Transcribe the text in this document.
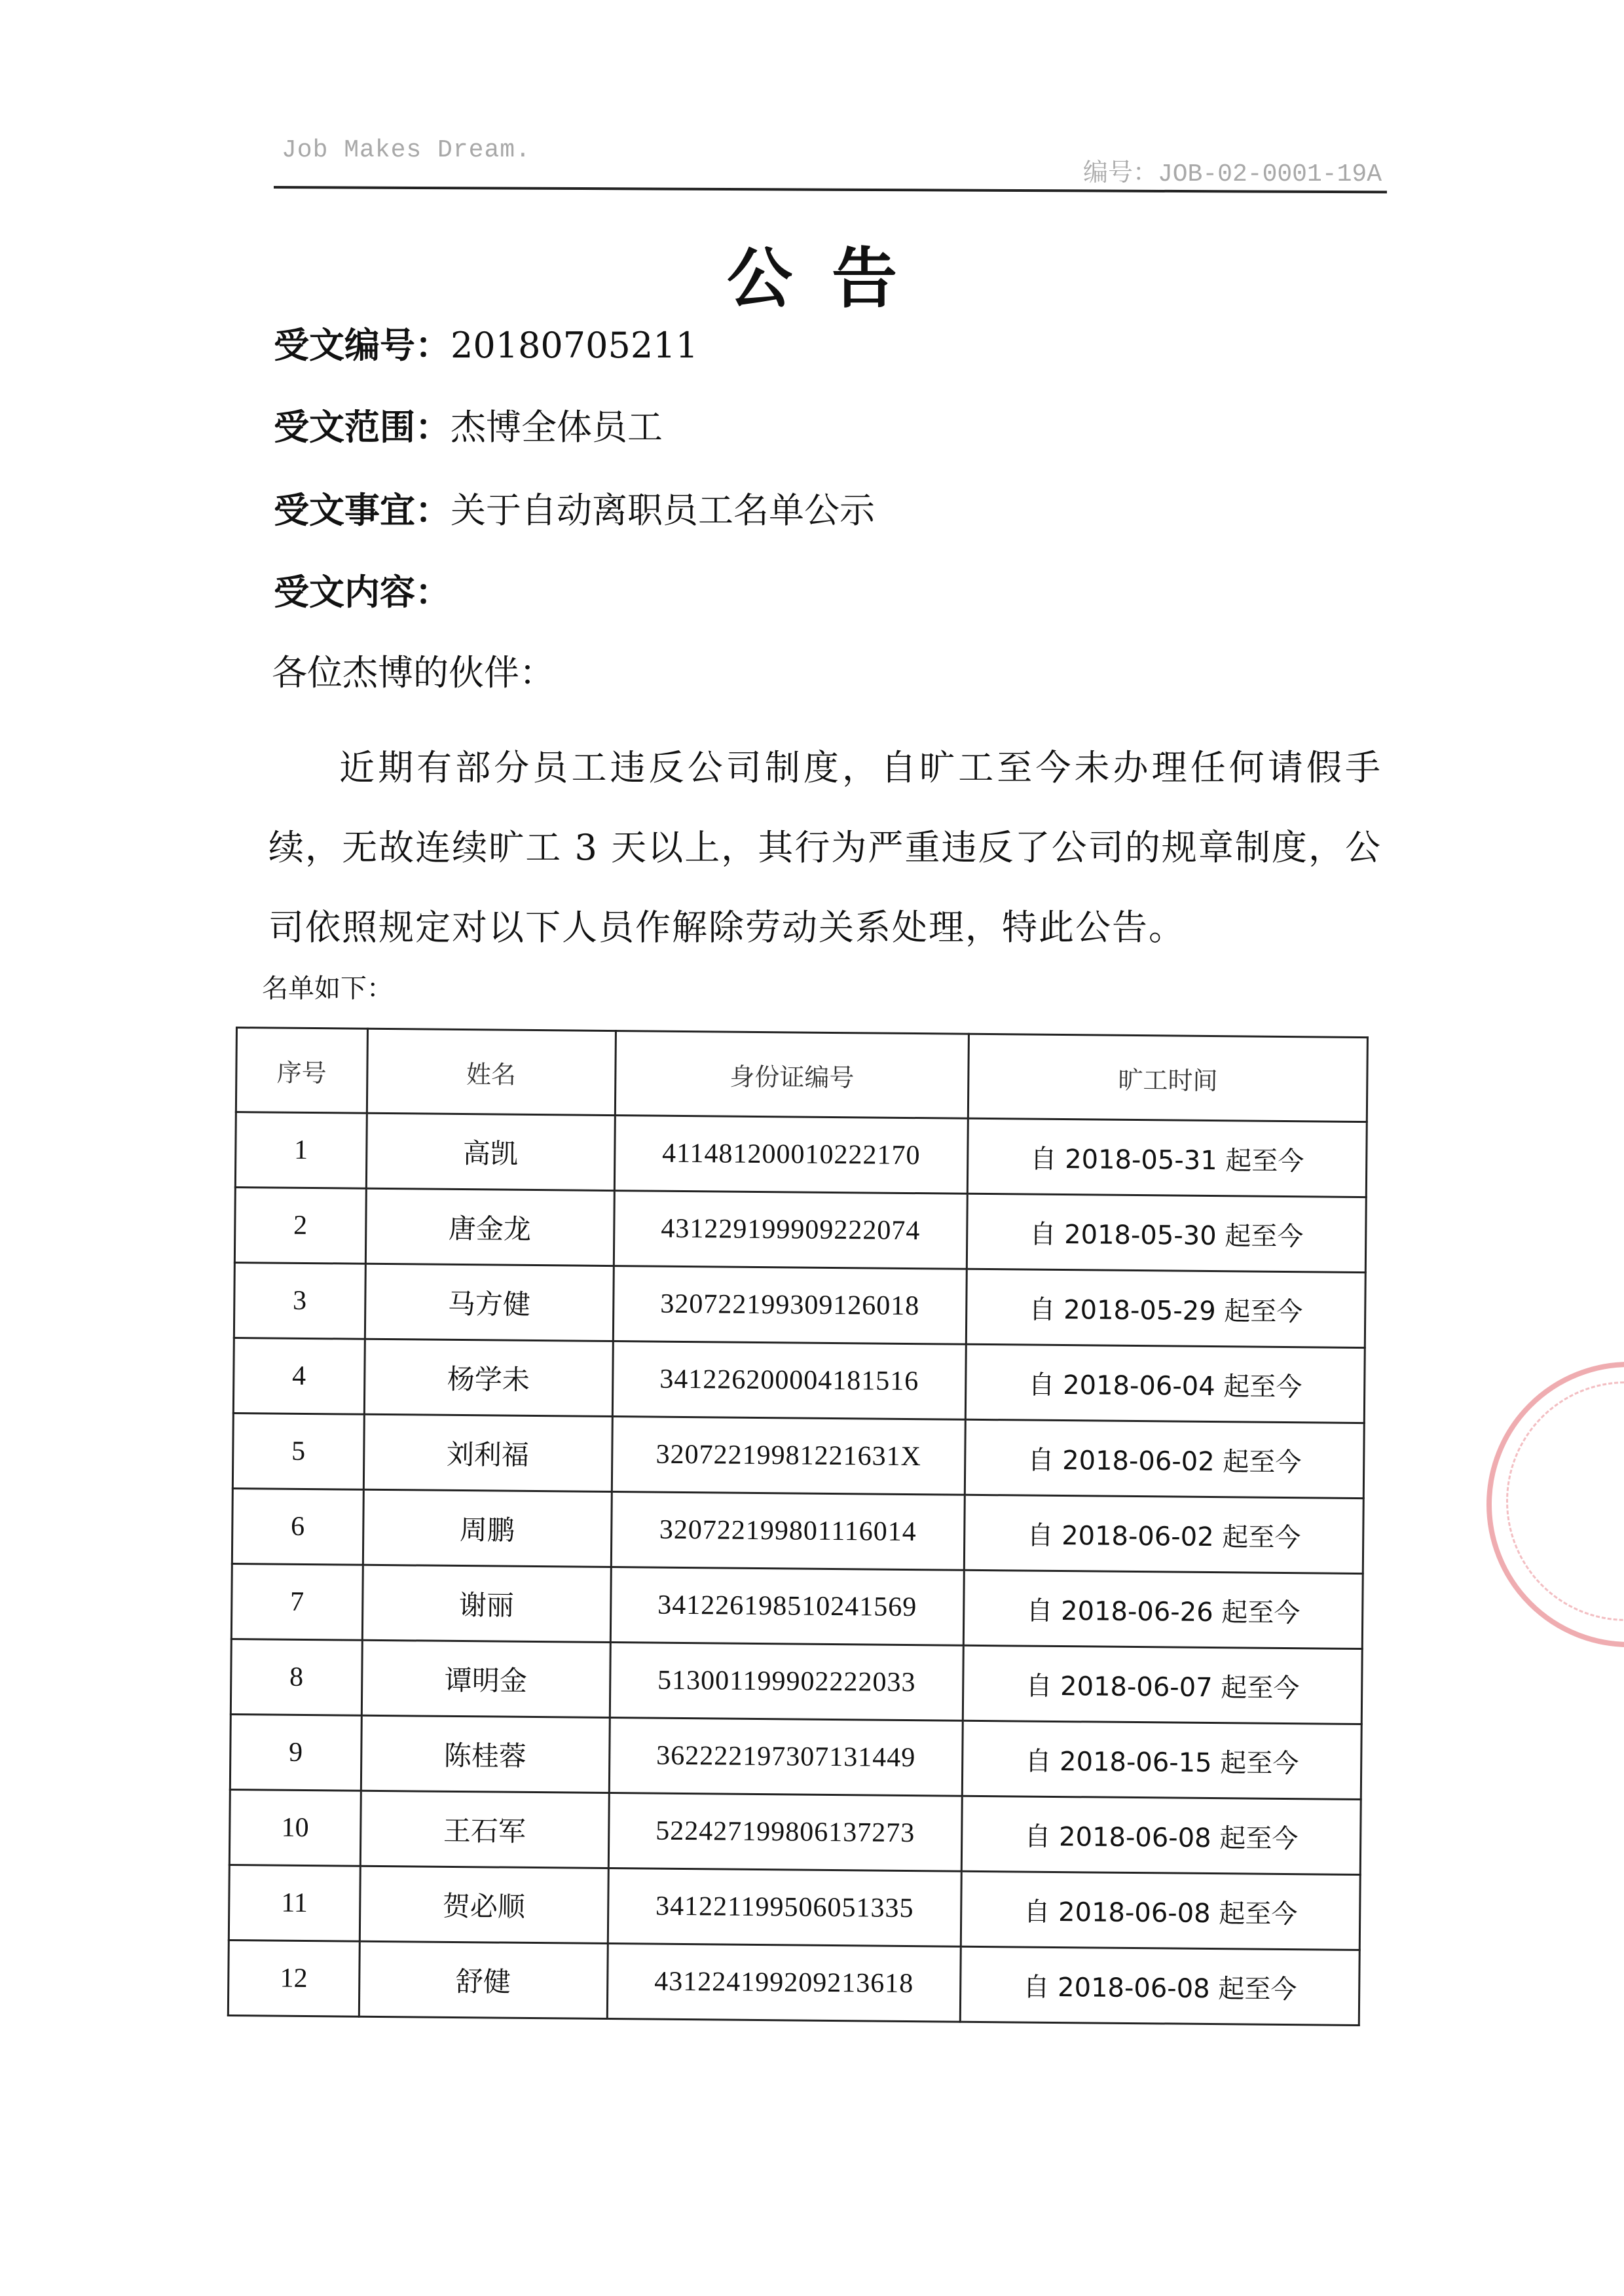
Job Makes Dream.
编号：JOB-02-0001-19A
公告
受文编号：20180705211
受文范围：杰博全体员工
受文事宜：关于自动离职员工名单公示
受文内容：
各位杰博的伙伴：
近期有部分员工违反公司制度，自旷工至今未办理任何请假手续，无故连续旷工 3 天以上，其行为严重违反了公司的规章制度，公司依照规定对以下人员作解除劳动关系处理，特此公告。
名单如下：
序号	姓名	身份证编号	旷工时间
1	高凯	411481200010222170	自 2018-05-31 起至今
2	唐金龙	431229199909222074	自 2018-05-30 起至今
3	马方健	320722199309126018	自 2018-05-29 起至今
4	杨学未	341226200004181516	自 2018-06-04 起至今
5	刘利福	32072219981221631X	自 2018-06-02 起至今
6	周鹏	320722199801116014	自 2018-06-02 起至今
7	谢丽	341226198510241569	自 2018-06-26 起至今
8	谭明金	513001199902222033	自 2018-06-07 起至今
9	陈桂蓉	362222197307131449	自 2018-06-15 起至今
10	王石军	522427199806137273	自 2018-06-08 起至今
11	贺必顺	341221199506051335	自 2018-06-08 起至今
12	舒健	431224199209213618	自 2018-06-08 起至今
